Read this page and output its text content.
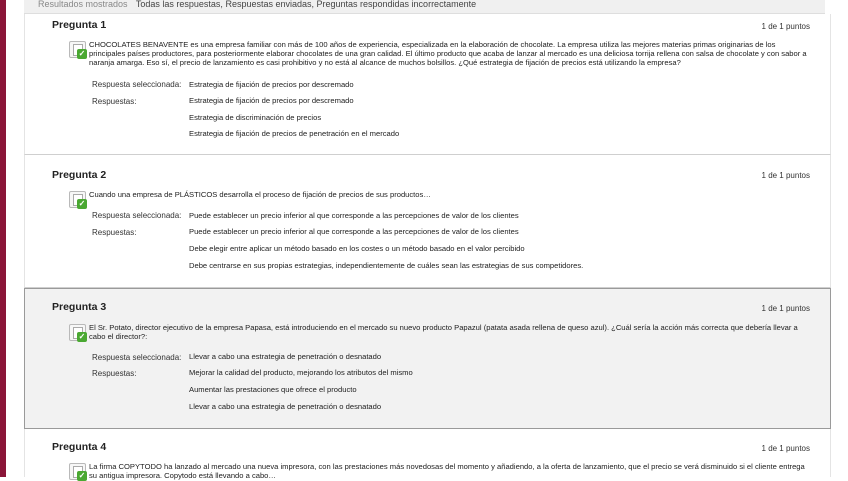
Resultados mostrados Todas las respuestas, Respuestas enviadas, Preguntas respondidas incorrectamente
Pregunta 1	1 de 1 puntos
✓
CHOCOLATES BENAVENTE es una empresa familiar con más de 100 años de experiencia, especializada en la elaboración de chocolate. La empresa utiliza las mejores materias primas originarias de los principales países productores, para posteriormente elaborar chocolates de una gran calidad. El último producto que acaba de lanzar al mercado es una deliciosa torrija rellena con salsa de chocolate y con sabor a naranja amarga. Eso sí, el precio de lanzamiento es casi prohibitivo y no está al alcance de muchos bolsillos. ¿Qué estrategia de fijación de precios está utilizando la empresa?
Respuesta seleccionada: Estrategia de fijación de precios por descremado
Respuestas:	Estrategia de fijación de precios por descremado
Estrategia de discriminación de precios
Estrategia de fijación de precios de penetración en el mercado
Pregunta 2	1 de 1 puntos
✓
Cuando una empresa de PLÁSTICOS desarrolla el proceso de fijación de precios de sus productos…
Respuesta seleccionada: Puede establecer un precio inferior al que corresponde a las percepciones de valor de los clientes
Respuestas:	Puede establecer un precio inferior al que corresponde a las percepciones de valor de los clientes
Debe elegir entre aplicar un método basado en los costes o un método basado en el valor percibido
Debe centrarse en sus propias estrategias, independientemente de cuáles sean las estrategias de sus competidores.
Pregunta 3	1 de 1 puntos
✓
El Sr. Potato, director ejecutivo de la empresa Papasa, está introduciendo en el mercado su nuevo producto Papazul (patata asada rellena de queso azul). ¿Cuál sería la acción más correcta que debería llevar a cabo el director?:
Respuesta seleccionada: Llevar a cabo una estrategia de penetración o desnatado
Respuestas:	Mejorar la calidad del producto, mejorando los atributos del mismo
Aumentar las prestaciones que ofrece el producto
Llevar a cabo una estrategia de penetración o desnatado
Pregunta 4	1 de 1 puntos
✓
La firma COPYTODO ha lanzado al mercado una nueva impresora, con las prestaciones más novedosas del momento y añadiendo, a la oferta de lanzamiento, que el precio se verá disminuido si el cliente entrega su antigua impresora. Copytodo está llevando a cabo…
